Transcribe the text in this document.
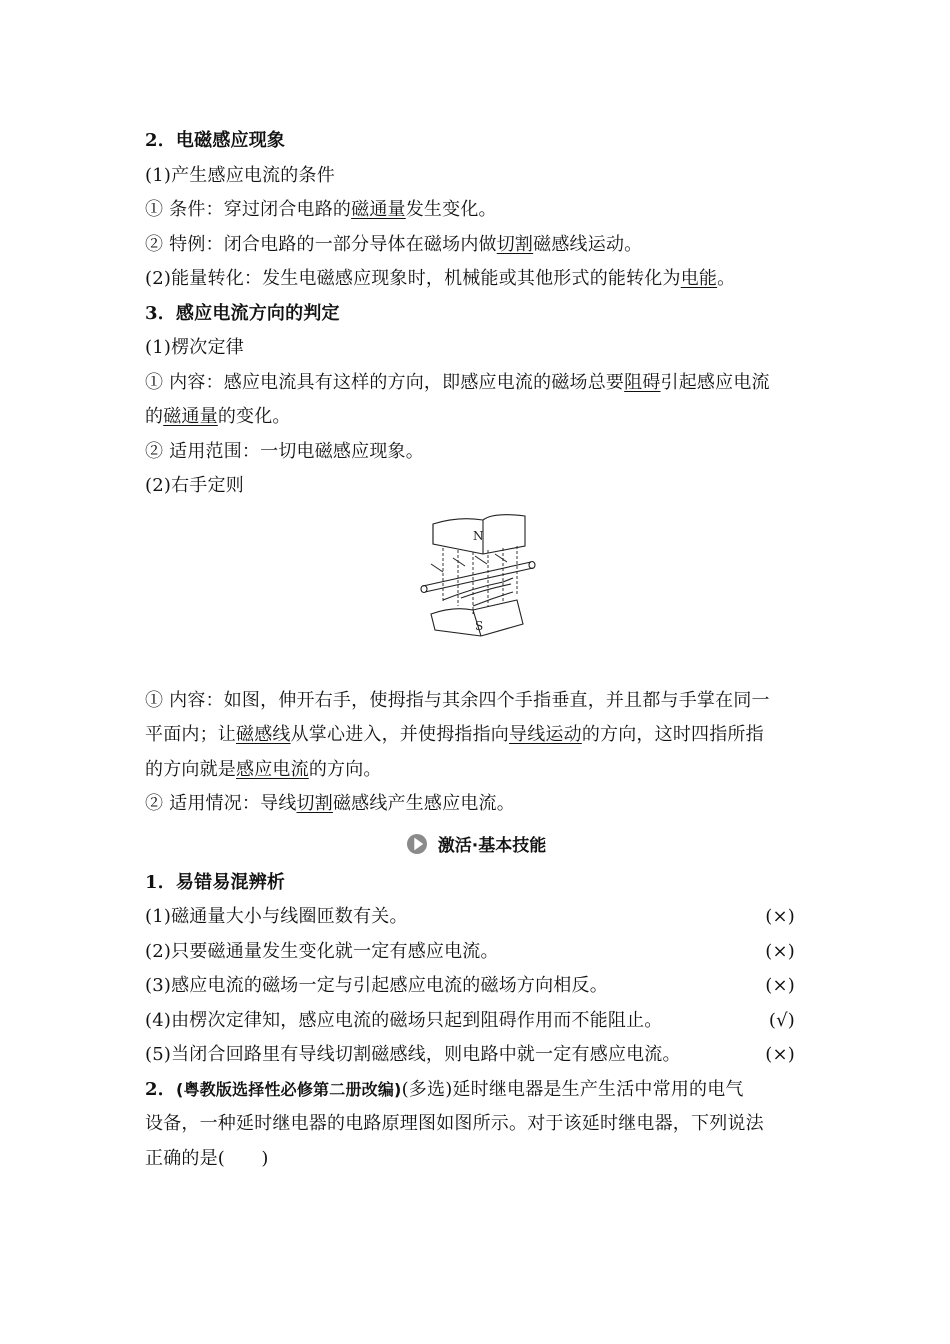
2．电磁感应现象
(1)产生感应电流的条件
① 条件：穿过闭合电路的磁通量发生变化。
② 特例：闭合电路的一部分导体在磁场内做切割磁感线运动。
(2)能量转化：发生电磁感应现象时，机械能或其他形式的能转化为电能。
3．感应电流方向的判定
(1)楞次定律
① 内容：感应电流具有这样的方向，即感应电流的磁场总要阻碍引起感应电流
的磁通量的变化。
② 适用范围：一切电磁感应现象。
(2)右手定则
N
S
① 内容：如图，伸开右手，使拇指与其余四个手指垂直，并且都与手掌在同一
平面内；让磁感线从掌心进入，并使拇指指向导线运动的方向，这时四指所指
的方向就是感应电流的方向。
② 适用情况：导线切割磁感线产生感应电流。
激活·基本技能
1．易错易混辨析
(1)磁通量大小与线圈匝数有关。	(×)
(2)只要磁通量发生变化就一定有感应电流。	(×)
(3)感应电流的磁场一定与引起感应电流的磁场方向相反。	(×)
(4)由楞次定律知，感应电流的磁场只起到阻碍作用而不能阻止。	(√)
(5)当闭合回路里有导线切割磁感线，则电路中就一定有感应电流。	(×)
2．(粤教版选择性必修第二册改编)(多选)延时继电器是生产生活中常用的电气
设备，一种延时继电器的电路原理图如图所示。对于该延时继电器，下列说法
正确的是(　　)
